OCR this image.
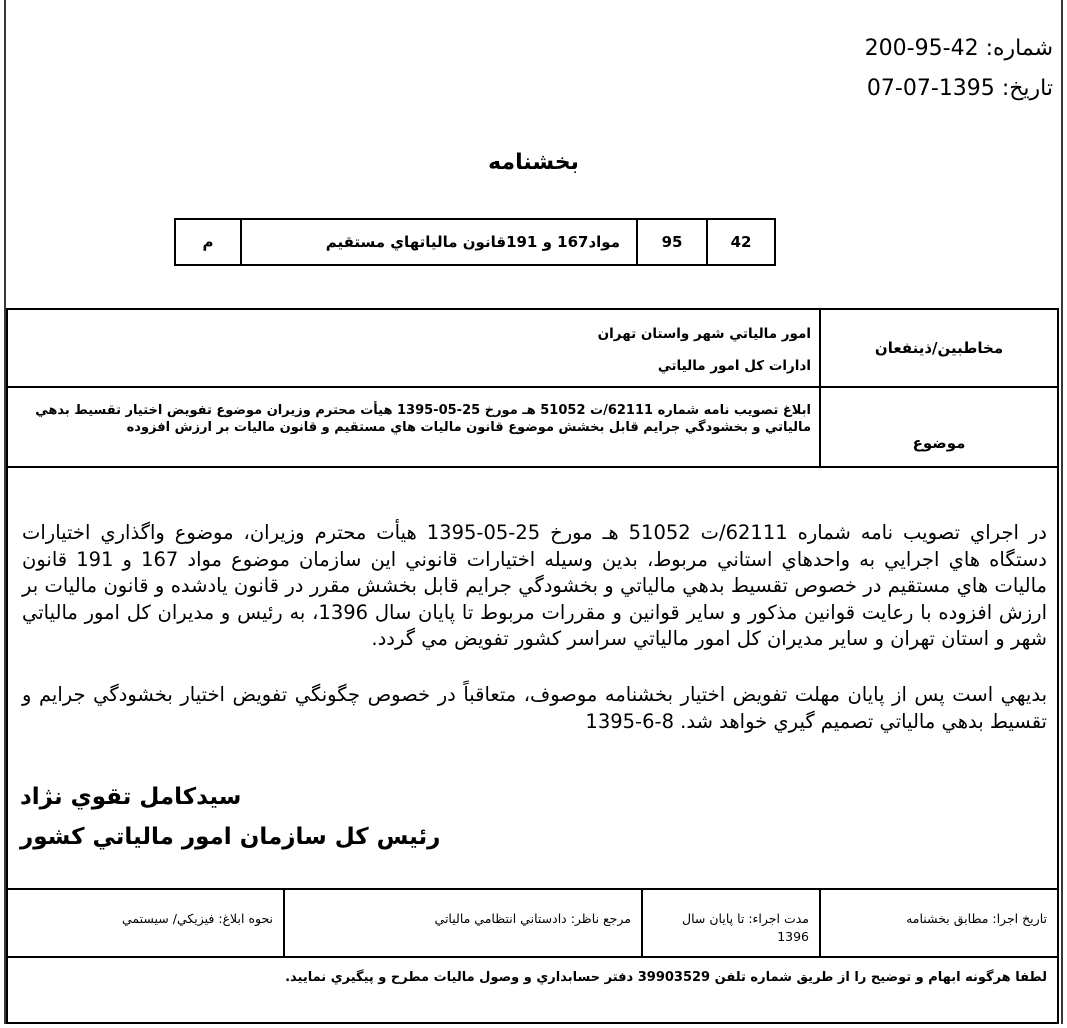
شماره: 42-95-200
تاريخ: 1395-07-07
بخشنامه
42
95
مواد167 و 191قانون مالياتهاي مستقيم
م
مخاطبين/ذينفعان
امور مالياتي شهر واستان تهران
ادارات کل امور مالياتي
موضوع
ابلاغ تصويب نامه شماره 62111/ت 51052 هـ مورخ 25-05-1395 هيأت محترم وزيران موضوع تفويض اختيار تقسيط بدهي مالياتي و بخشودگي جرايم قابل بخشش موضوع قانون ماليات هاي مستقيم و قانون ماليات بر ارزش افزوده
در اجراي تصويب نامه شماره 62111/ت 51052 هـ مورخ 25-05-1395 هيأت محترم وزيران، موضوع واگذاري اختيارات دستگاه هاي اجرايي به واحدهاي استاني مربوط، بدين وسيله اختيارات قانوني اين سازمان موضوع مواد 167 و 191 قانون ماليات هاي مستقيم در خصوص تقسيط بدهي مالياتي و بخشودگي جرايم قابل بخشش مقرر در قانون يادشده و قانون ماليات بر ارزش افزوده با رعايت قوانين مذکور و ساير قوانين و مقررات مربوط تا پايان سال 1396، به رئيس و مديران کل امور مالياتي شهر و استان تهران و ساير مديران کل امور مالياتي سراسر کشور تفويض مي گردد.
بديهي است پس از پايان مهلت تفويض اختيار بخشنامه موصوف، متعاقباً در خصوص چگونگي تفويض اختيار بخشودگي جرايم و تقسيط بدهي مالياتي تصميم گيري خواهد شد. 8-6-1395
سيدکامل تقوي نژاد
رئيس کل سازمان امور مالياتي کشور
تاريخ اجرا: مطابق بخشنامه
مدت اجراء: تا پايان سال 1396
مرجع ناظر: دادستاني انتظامي مالياتي
نحوه ابلاغ: فيزيکي/ سيستمي
لطفا هرگونه ابهام و توضيح را از طريق شماره تلفن 39903529 دفتر حسابداري و وصول ماليات مطرح و پيگيري نماييد.
